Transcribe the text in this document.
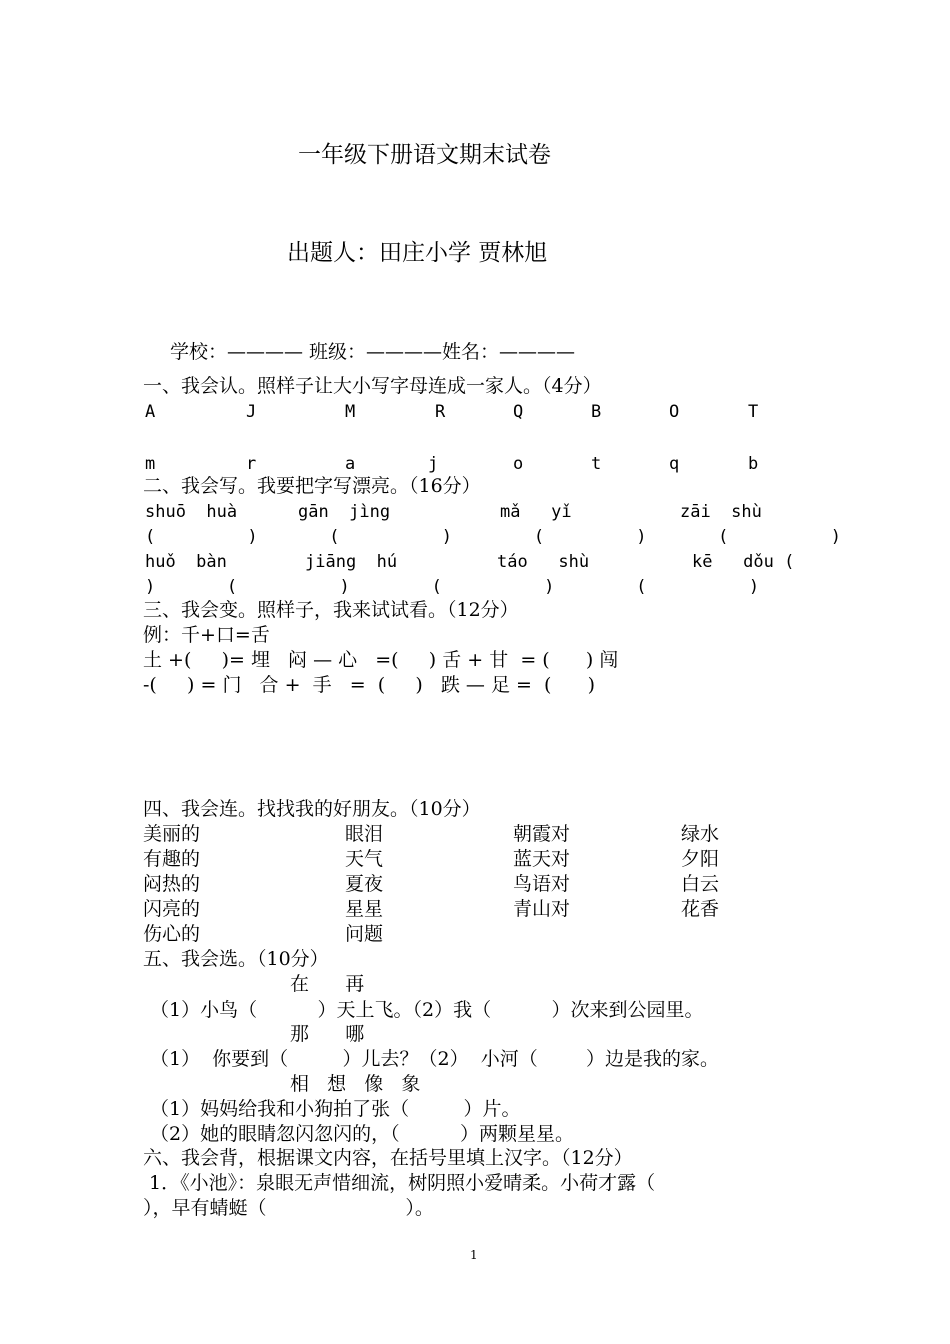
一年级下册语文期末试卷
出题人：田庄小学 贾林旭
学校：———— 班级：————姓名：————
一、我会认。照样子让大小写字母连成一家人。（4分）
A	J	M	R	Q	B	O	T
m	r	a	j	o	t	q	b
二、我会写。我要把字写漂亮。（16分）
shuō  huà	gān  jìng	mǎ   yǐ	zāi  shù
(         )       (          )        (         )       (          )
huǒ  bàn	jiāng  hú	táo   shù	kē   dǒu (
)       (          )        (          )        (          )
三、我会变。照样子，我来试试看。（12分）
例：千+口=舌
土 +(     )= 埋   闷 — 心   =(     ) 舌 + 甘  = (      ) 闯
-(     ) = 门   合 +  手   =  (     )   跌 — 足 =  (      )
四、我会连。找找我的好朋友。（10分）
美丽的	眼泪	朝霞对	绿水
有趣的	天气	蓝天对	夕阳
闷热的	夏夜	鸟语对	白云
闪亮的	星星	青山对	花香
伤心的	问题
五、我会选。（10分）
在      再
（1）小鸟（          ）天上飞。（2）我（          ）次来到公园里。
那      哪
（1）  你要到（         ）儿去？（2）  小河（        ）边是我的家。
相   想   像   象
（1）妈妈给我和小狗拍了张（         ）片。
（2）她的眼睛忽闪忽闪的，（          ）两颗星星。
六、我会背，根据课文内容，在括号里填上汉字。（12分）
1．《小池》：泉眼无声惜细流，树阴照小爱晴柔。小荷才露（
），早有蜻蜓（                       ）。
1
